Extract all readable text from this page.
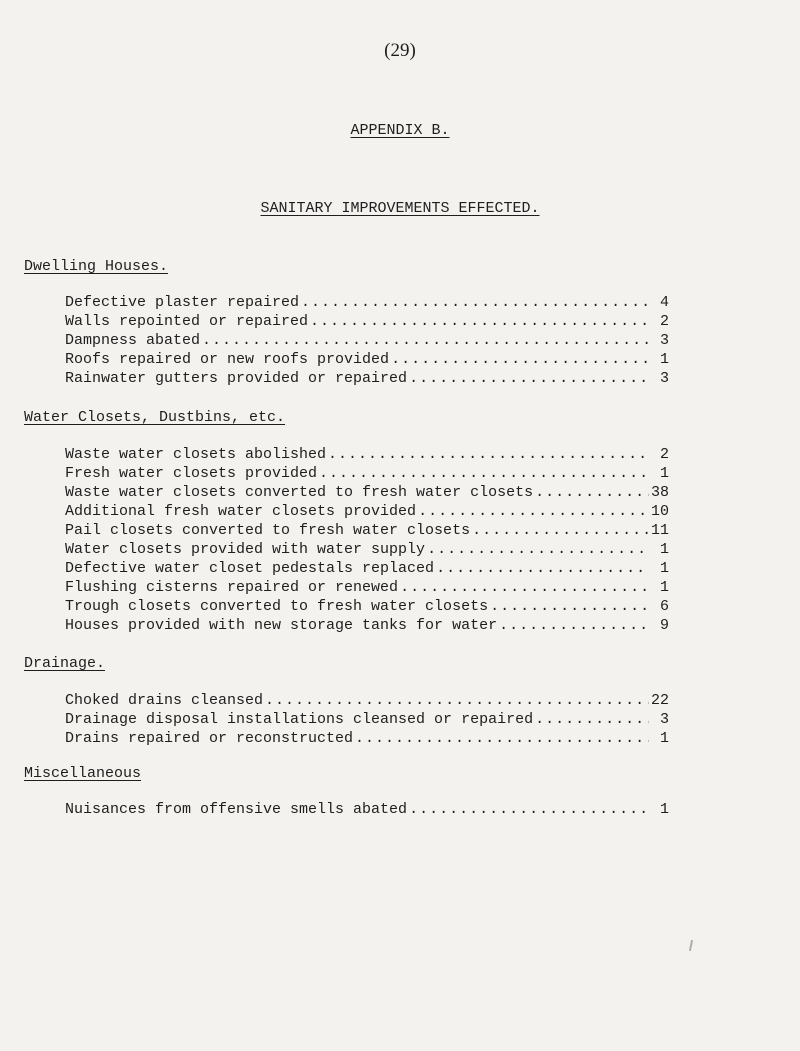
(29)
APPENDIX B.
SANITARY IMPROVEMENTS EFFECTED.
Dwelling Houses.
Defective plaster repaired .....	4
Walls repointed or repaired .....	2
Dampness abated .....	3
Roofs repaired or new roofs provided .....	1
Rainwater gutters provided or repaired .....	3
Water Closets, Dustbins, etc.
Waste water closets abolished .....	2
Fresh water closets provided .....	1
Waste water closets converted to fresh water closets .....	38
Additional fresh water closets provided .....	10
Pail closets converted to fresh water closets .....	11
Water closets provided with water supply .....	1
Defective water closet pedestals replaced .....	1
Flushing cisterns repaired or renewed .....	1
Trough closets converted to fresh water closets .....	6
Houses provided with new storage tanks for water .....	9
Drainage.
Choked drains cleansed .....	22
Drainage disposal installations cleansed or repaired .....	3
Drains repaired or reconstructed .....	1
Miscellaneous
Nuisances from offensive smells abated .....	1
